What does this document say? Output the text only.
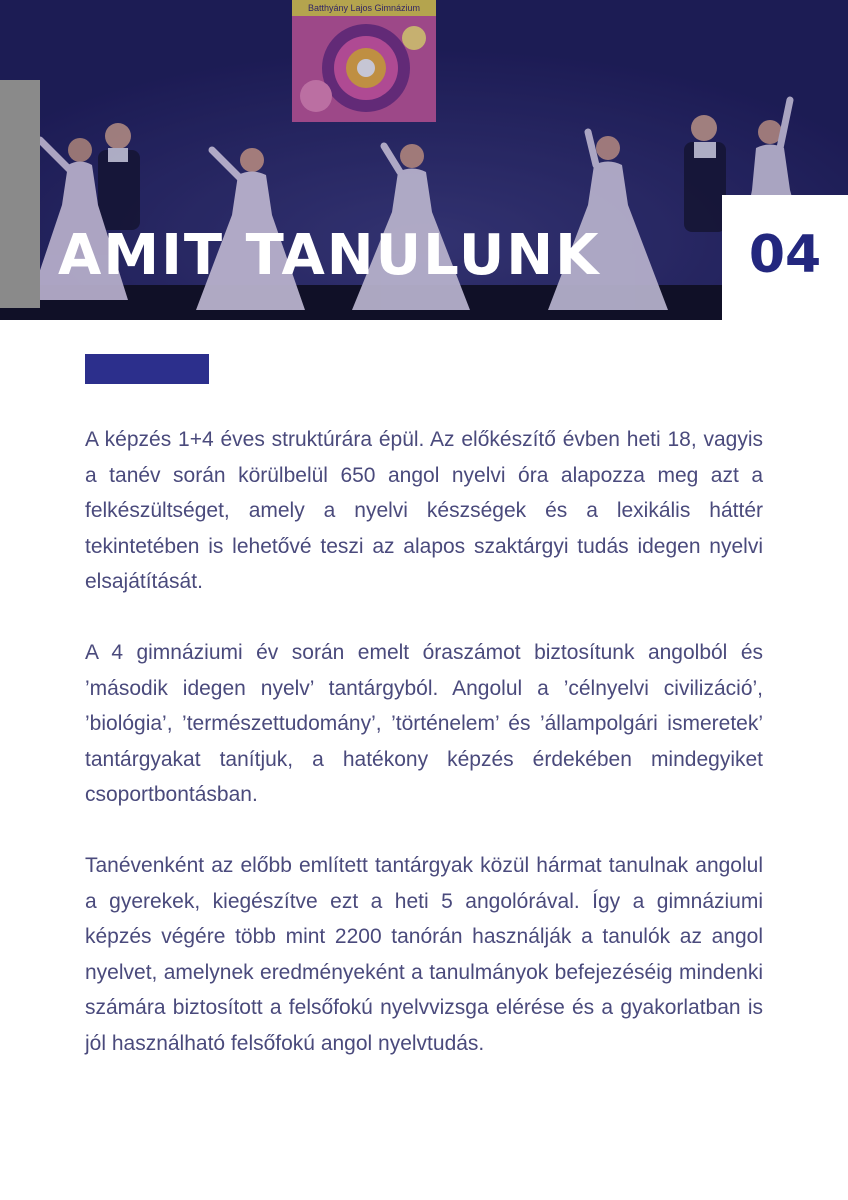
Batthyány Lajos Gimnázium
AMIT TANULUNK	04

A képzés 1+4 éves struktúrára épül. Az előkészítő évben heti 18, vagyis a tanév során körülbelül 650 angol nyelvi óra alapozza meg azt a felkészültséget, amely a nyelvi készségek és a lexikális háttér tekintetében is lehetővé teszi az alapos szaktárgyi tudás idegen nyelvi elsajátítását.

A 4 gimnáziumi év során emelt óraszámot biztosítunk angolból és ’második idegen nyelv’ tantárgyból. Angolul a ’célnyelvi civilizáció’, ’biológia’, ’természettudomány’, ’történelem’ és ’állampolgári ismeretek’ tantárgyakat tanítjuk, a hatékony képzés érdekében mindegyiket csoportbontásban.

Tanévenként az előbb említett tantárgyak közül hármat tanulnak angolul a gyerekek, kiegészítve ezt a heti 5 angolórával. Így a gimnáziumi képzés végére több mint 2200 tanórán használják a tanulók az angol nyelvet, amelynek eredményeként a tanulmányok befejezéséig mindenki számára biztosított a felsőfokú nyelvvizsga elérése és a gyakorlatban is jól használható felsőfokú angol nyelvtudás.
